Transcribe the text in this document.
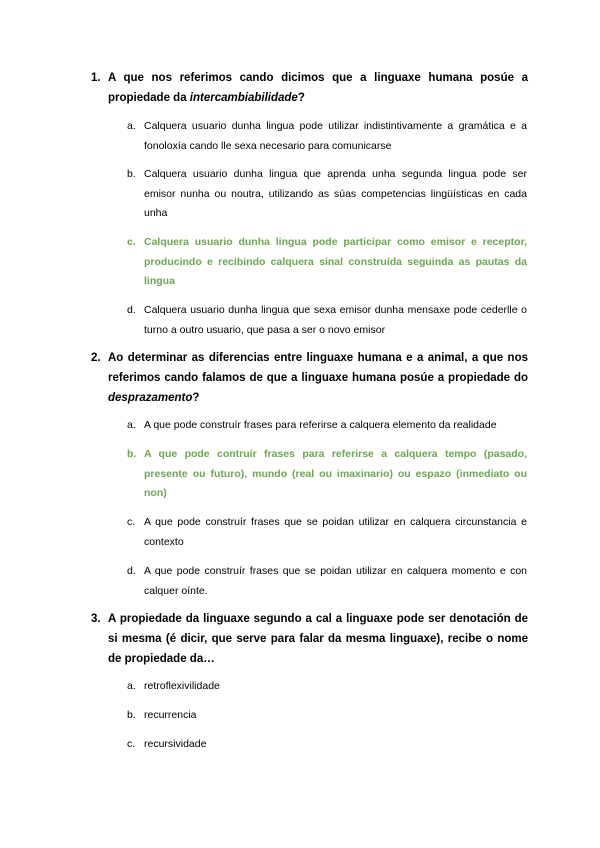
1. A que nos referimos cando dicimos que a linguaxe humana posúe a propiedade da intercambiabilidade?
a. Calquera usuario dunha lingua pode utilizar indistintivamente a gramática e a fonoloxía cando lle sexa necesario para comunicarse
b. Calquera usuario dunha lingua que aprenda unha segunda lingua pode ser emisor nunha ou noutra, utilizando as súas competencias lingüísticas en cada unha
c. Calquera usuario dunha lingua pode participar como emisor e receptor, producindo e recibindo calquera sinal construída seguinda as pautas da lingua
d. Calquera usuario dunha lingua que sexa emisor dunha mensaxe pode cederlle o turno a outro usuario, que pasa a ser o novo emisor
2. Ao determinar as diferencias entre linguaxe humana e a animal, a que nos referimos cando falamos de que a linguaxe humana posúe a propiedade do desprazamento?
a. A que pode construír frases para referirse a calquera elemento da realidade
b. A que pode contruír frases para referirse a calquera tempo (pasado, presente ou futuro), mundo (real ou imaxinario) ou espazo (inmediato ou non)
c. A que pode construír frases que se poidan utilizar en calquera circunstancia e contexto
d. A que pode construír frases que se poidan utilizar en calquera momento e con calquer oínte.
3. A propiedade da linguaxe segundo a cal a linguaxe pode ser denotación de si mesma (é dicir, que serve para falar da mesma linguaxe), recibe o nome de propiedade da…
a. retroflexivilidade
b. recurrencia
c. recursividade
